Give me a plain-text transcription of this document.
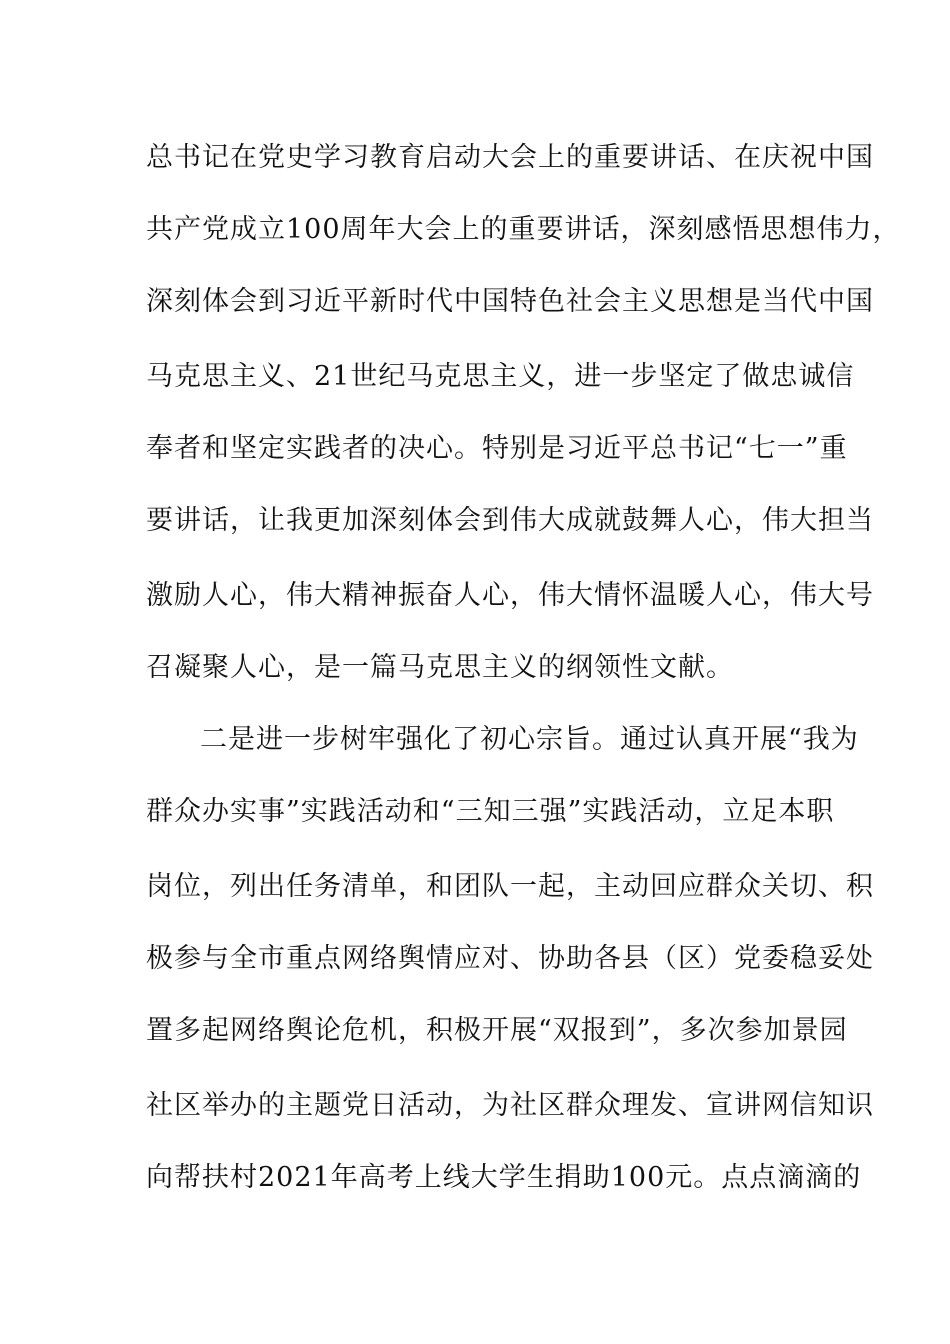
总书记在党史学习教育启动大会上的重要讲话、在庆祝中国
共产党成立100周年大会上的重要讲话，深刻感悟思想伟力，
深刻体会到习近平新时代中国特色社会主义思想是当代中国
马克思主义、21世纪马克思主义，进一步坚定了做忠诚信
奉者和坚定实践者的决心。特别是习近平总书记“七一”重
要讲话，让我更加深刻体会到伟大成就鼓舞人心，伟大担当
激励人心，伟大精神振奋人心，伟大情怀温暖人心，伟大号
召凝聚人心，是一篇马克思主义的纲领性文献。
二是进一步树牢强化了初心宗旨。通过认真开展“我为
群众办实事”实践活动和“三知三强”实践活动，立足本职
岗位，列出任务清单，和团队一起，主动回应群众关切、积
极参与全市重点网络舆情应对、协助各县（区）党委稳妥处
置多起网络舆论危机，积极开展“双报到”，多次参加景园
社区举办的主题党日活动，为社区群众理发、宣讲网信知识
向帮扶村2021年高考上线大学生捐助100元。点点滴滴的
